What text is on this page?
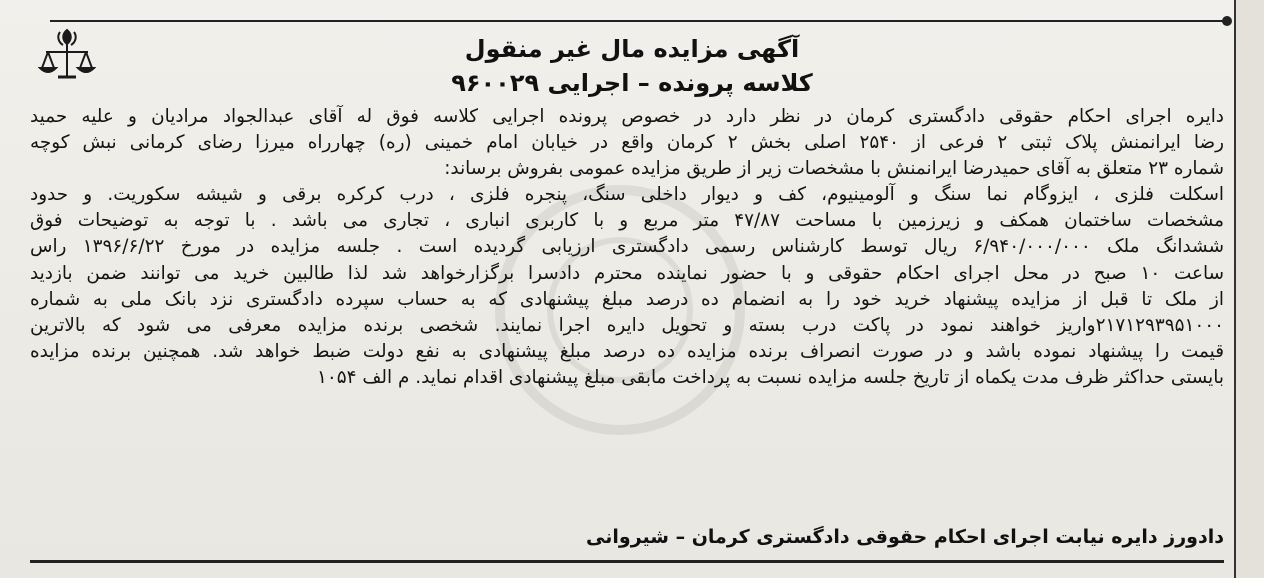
آگهی مزایده مال غیر منقول
کلاسه پرونده – اجرایی ۹۶۰۰۲۹
دایره اجرای احکام حقوقی دادگستری کرمان در نظر دارد در خصوص پرونده اجرایی کلاسه فوق له آقای عبدالجواد مرادیان و علیه حمید
رضا ایرانمنش پلاک ثبتی ۲ فرعی از ۲۵۴۰ اصلی بخش ۲ کرمان واقع در خیابان امام خمینی (ره) چهارراه میرزا رضای کرمانی نبش کوچه
شماره ۲۳ متعلق به آقای حمیدرضا ایرانمنش با مشخصات زیر از طریق مزایده عمومی بفروش برساند:
اسکلت فلزی ، ایزوگام نما سنگ و آلومینیوم، کف و دیوار داخلی سنگ، پنجره فلزی ، درب کرکره برقی و شیشه سکوریت. و حدود
مشخصات ساختمان همکف و زیرزمین با مساحت ۴۷/۸۷ متر مربع و با کاربری انباری ، تجاری می باشد . با توجه به توضیحات فوق
ششدانگ ملک ۶/۹۴۰/۰۰۰/۰۰۰ ریال توسط کارشناس رسمی دادگستری ارزیابی گردیده است . جلسه مزایده در مورخ ۱۳۹۶/۶/۲۲ راس
ساعت ۱۰ صبح در محل اجرای احکام حقوقی و با حضور نماینده محترم دادسرا برگزارخواهد شد لذا طالبین خرید می توانند ضمن بازدید
از ملک تا قبل از مزایده پیشنهاد خرید خود را به انضمام ده درصد مبلغ پیشنهادی که به حساب سپرده دادگستری نزد بانک ملی به شماره
۲۱۷۱۲۹۳۹۵۱۰۰۰واریز خواهند نمود در پاکت درب بسته و تحویل دایره اجرا نمایند. شخصی برنده مزایده معرفی می شود که بالاترین
قیمت را پیشنهاد نموده باشد و در صورت انصراف برنده مزایده ده درصد مبلغ پیشنهادی به نفع دولت ضبط خواهد شد. همچنین برنده مزایده
بایستی حداکثر ظرف مدت یکماه از تاریخ جلسه مزایده نسبت به پرداخت مابقی مبلغ پیشنهادی اقدام نماید. م الف ۱۰۵۴
دادورز دایره نیابت اجرای احکام حقوقی دادگستری کرمان – شیروانی
